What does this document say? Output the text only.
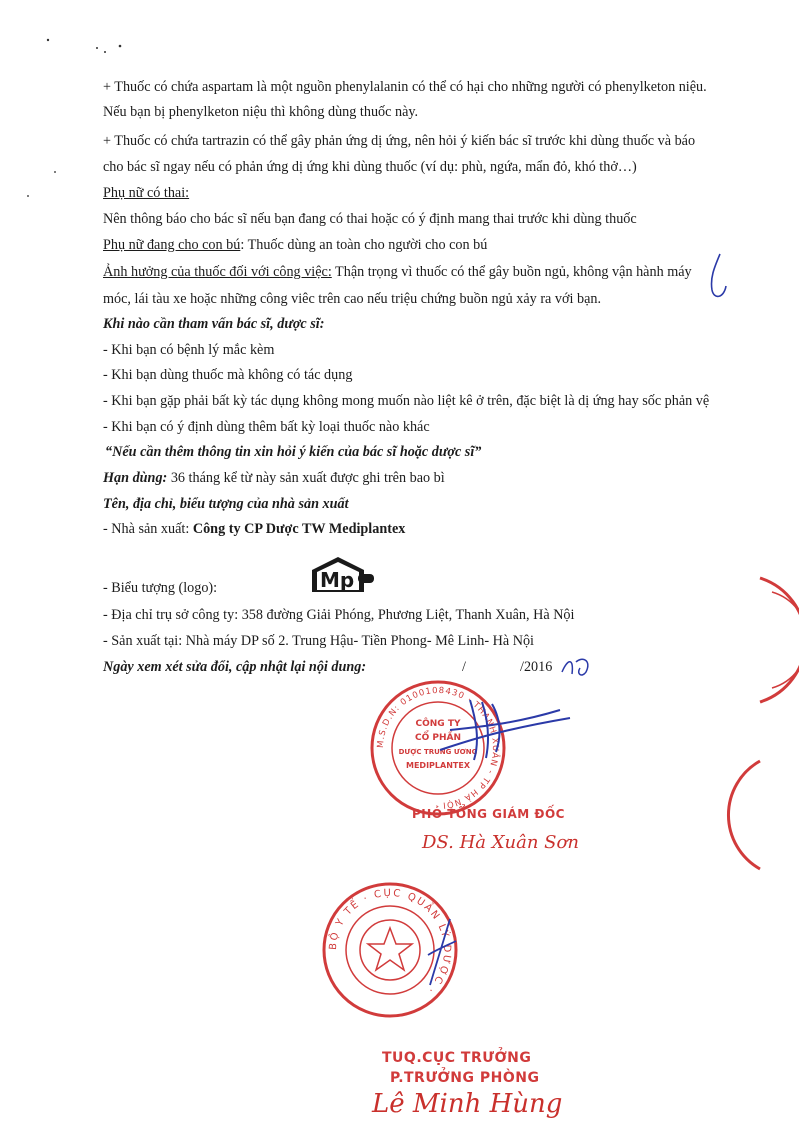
+ Thuốc có chứa aspartam là một nguồn phenylalanin có thể có hại cho những người có phenylketon niệu.
Nếu bạn bị phenylketon niệu thì không dùng thuốc này.
+ Thuốc có chứa tartrazin có thể gây phản ứng dị ứng, nên hỏi ý kiến bác sĩ trước khi dùng thuốc và báo
cho bác sĩ ngay nếu có phản ứng dị ứng khi dùng thuốc (ví dụ: phù, ngứa, mẩn đỏ, khó thở…)
Phụ nữ có thai:
Nên thông báo cho bác sĩ nếu bạn đang có thai hoặc có ý định mang thai trước khi dùng thuốc
Phụ nữ đang cho con bú: Thuốc dùng an toàn cho người cho con bú
Ảnh hưởng của thuốc đối với công việc: Thận trọng vì thuốc có thể gây buồn ngủ, không vận hành máy
móc, lái tàu xe hoặc những công viêc trên cao nếu triệu chứng buồn ngủ xảy ra với bạn.
Khi nào cần tham vấn bác sĩ, dược sĩ:
- Khi bạn có bệnh lý mắc kèm
- Khi bạn dùng thuốc mà không có tác dụng
- Khi bạn gặp phải bất kỳ tác dụng không mong muốn nào liệt kê ở trên, đặc biệt là dị ứng hay sốc phản vệ
- Khi bạn có ý định dùng thêm bất kỳ loại thuốc nào khác
“Nếu cần thêm thông tin xin hỏi ý kiến của bác sĩ hoặc dược sĩ”
Hạn dùng: 36 tháng kể từ này sản xuất được ghi trên bao bì
Tên, địa chỉ, biểu tượng của nhà sản xuất
- Nhà sản xuất: Công ty CP Dược TW Mediplantex
- Biểu tượng (logo):	Mp
- Địa chỉ trụ sở công ty: 358 đường Giải Phóng, Phương Liệt, Thanh Xuân, Hà Nội
- Sản xuất tại: Nhà máy DP số 2. Trung Hậu- Tiền Phong- Mê Linh- Hà Nội
Ngày xem xét sửa đổi, cập nhật lại nội dung:	/	/2016
M.S.D.N: 0100108430 · THANH XUÂN - TP HÀ NỘI ·
CÔNG TY
CỔ PHẦN
DƯỢC TRUNG ƯƠNG
MEDIPLANTEX
PHÓ TỔNG GIÁM ĐỐC
DS. Hà Xuân Sơn
BỘ Y TẾ · CỤC QUẢN LÝ DƯỢC ·
TUQ.CỤC TRƯỞNG
P.TRƯỞNG PHÒNG
Lê Minh Hùng
